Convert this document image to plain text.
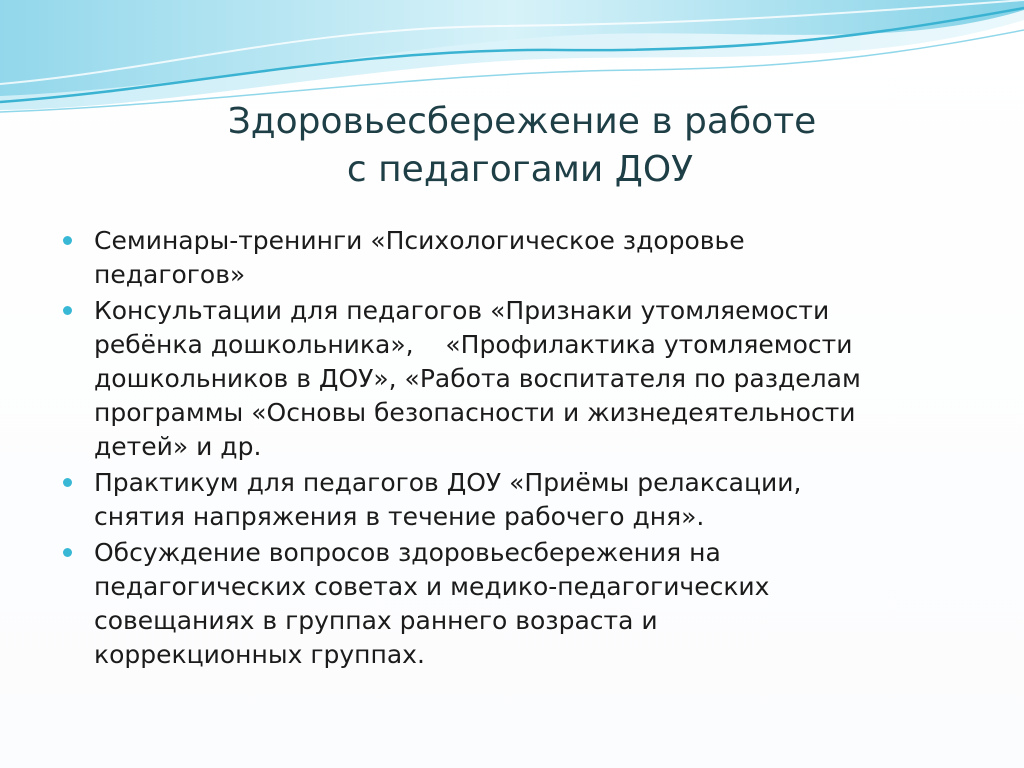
Здоровьесбережение в работе
с педагогами ДОУ
Семинары-тренинги «Психологическое здоровье
педагогов»
Консультации для педагогов «Признаки утомляемости
ребёнка дошкольника»,    «Профилактика утомляемости
дошкольников в ДОУ», «Работа воспитателя по разделам
программы «Основы безопасности и жизнедеятельности
детей» и др.
Практикум для педагогов ДОУ «Приёмы релаксации,
снятия напряжения в течение рабочего дня».
Обсуждение вопросов здоровьесбережения на
педагогических советах и медико-педагогических
совещаниях в группах раннего возраста и
коррекционных группах.
